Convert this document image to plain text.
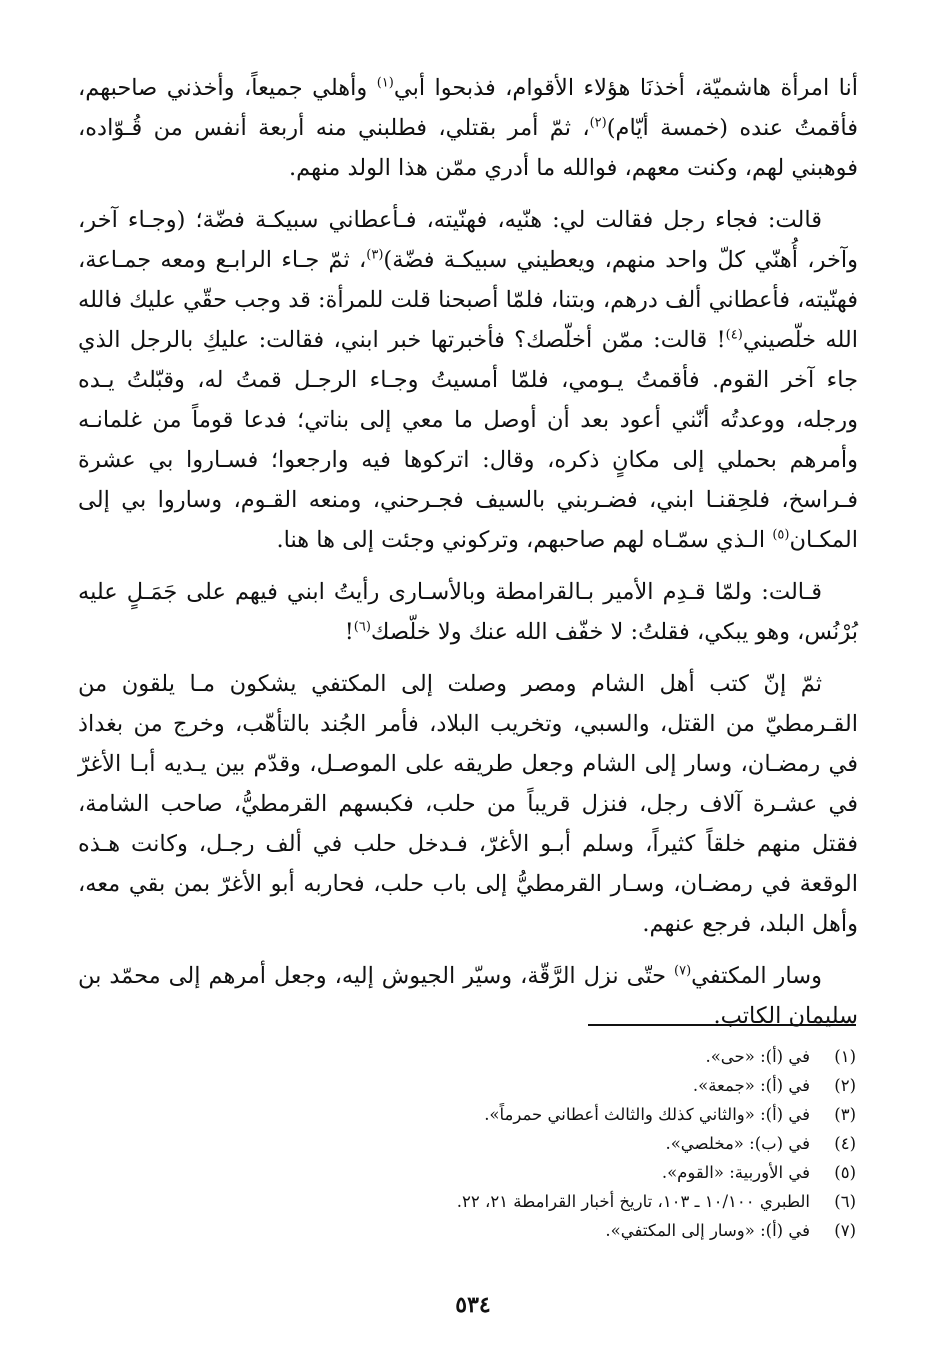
أنا امرأة هاشميّة، أخذنَا هؤلاء الأقوام، فذبحوا أبي$^{(١)}$ وأهلي جميعاً، وأخذني صاحبهم، فأقمتُ عنده (خمسة أيّام)$^{(٢)}$، ثمّ أمر بقتلي، فطلبني منه أربعة أنفس من قُـوّاده، فوهبني لهم، وكنت معهم، فوالله ما أدري ممّن هذا الولد منهم.

قالت: فجاء رجل فقالت لي: هنّيه، فهنّيته، فـأعطاني سبيكـة فضّة؛ (وجـاء آخر، وآخر، أُهنّي كلّ واحد منهم، ويعطيني سبيكـة فضّة)$^{(٣)}$، ثمّ جـاء الرابـع ومعه جمـاعة، فهنّيته، فأعطاني ألف درهم، وبتنا، فلمّا أصبحنا قلت للمرأة: قد وجب حقّي عليك فالله الله خلّصيني$^{(٤)}$! قالت: ممّن أخلّصك؟ فأخبرتها خبر ابني، فقالت: عليكِ بالرجل الذي جاء آخر القوم. فأقمتُ يـومي، فلمّا أمسيتُ وجـاء الرجـل قمتُ له، وقبّلتُ يـده ورجله، ووعدتُه أنّني أعود بعد أن أوصل ما معي إلى بناتي؛ فدعا قوماً من غلمانـه وأمرهم بحملي إلى مكانٍ ذكره، وقال: اتركوها فيه وارجعوا؛ فسـاروا بي عشرة فـراسخ، فلحِقنـا ابني، فضـربني بالسيف فجـرحني، ومنعه القـوم، وساروا بي إلى المكـان$^{(٥)}$ الـذي سمّـاه لهم صاحبهم، وتركوني وجئت إلى ها هنا.

قـالت: ولمّا قـدِم الأمير بـالقرامطة وبالأسـارى رأيتُ ابني فيهم على جَمَـلٍ عليه بُرْنُس، وهو يبكي، فقلتُ: لا خفّف الله عنك ولا خلّصك$^{(٦)}$!

ثمّ إنّ كتب أهل الشام ومصر وصلت إلى المكتفي يشكون مـا يلقون من القـرمطيّ من القتل، والسبي، وتخريب البلاد، فأمر الجُند بالتأهّب، وخرج من بغداذ في رمضـان، وسار إلى الشام وجعل طريقه على الموصـل، وقدّم بين يـديه أبـا الأغرّ في عشـرة آلاف رجل، فنزل قريباً من حلب، فكبسهم القرمطيُّ، صاحب الشامة، فقتل منهم خلقاً كثيراً، وسلم أبـو الأغرّ، فـدخل حلب في ألف رجـل، وكانت هـذه الوقعة في رمضـان، وسـار القرمطيُّ إلى باب حلب، فحاربه أبو الأغرّ بمن بقي معه، وأهل البلد، فرجع عنهم.

وسار المكتفي$^{(٧)}$ حتّى نزل الرَّقّة، وسيّر الجيوش إليه، وجعل أمرهم إلى محمّد بن سليمان الكاتب.

(١)
في (أ): «حى».
(٢)
في (أ): «جمعة».
(٣)
في (أ): «والثاني كذلك والثالث أعطاني حمرماً».
(٤)
في (ب): «مخلصي».
(٥)
في الأوربية: «القوم».
(٦)
الطبري ١٠/١٠٠ ـ ١٠٣، تاريخ أخبار القرامطة ٢١، ٢٢.
(٧)
في (أ): «وسار إلى المكتفي».
٥٣٤
